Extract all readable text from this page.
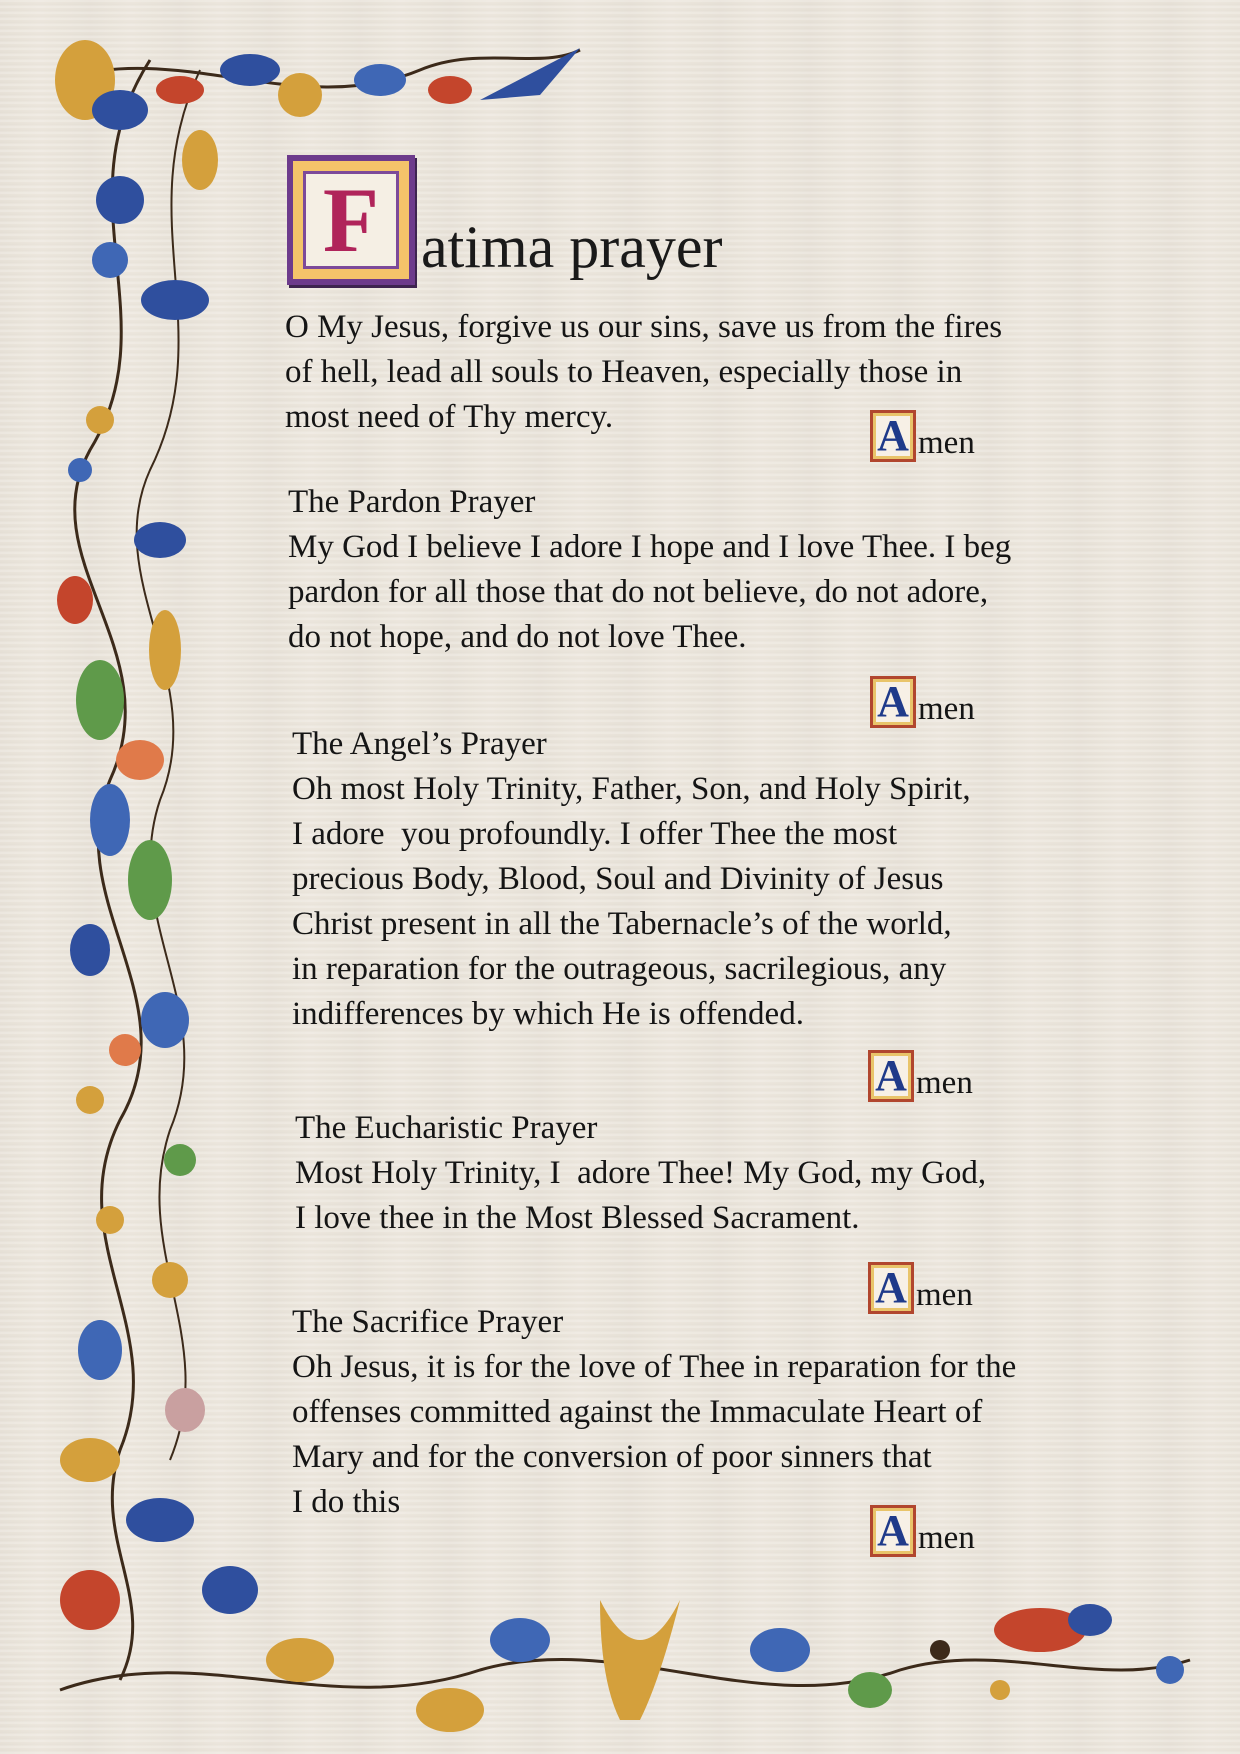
F atima prayer
O My Jesus, forgive us our sins, save us from the fires
of hell, lead all souls to Heaven, especially those in
most need of Thy mercy.	A men
The Pardon Prayer
My God I believe I adore I hope and I love Thee. I beg
pardon for all those that do not believe, do not adore,
do not hope, and do not love Thee.
A men
The Angel’s Prayer
Oh most Holy Trinity, Father, Son, and Holy Spirit,
I adore  you profoundly. I offer Thee the most
precious Body, Blood, Soul and Divinity of Jesus
Christ present in all the Tabernacle’s of the world,
in reparation for the outrageous, sacrilegious, any
indifferences by which He is offended.
A men
The Eucharistic Prayer
Most Holy Trinity, I  adore Thee! My God, my God,
I love thee in the Most Blessed Sacrament.
A men
The Sacrifice Prayer
Oh Jesus, it is for the love of Thee in reparation for the
offenses committed against the Immaculate Heart of
Mary and for the conversion of poor sinners that
I do this
A men
